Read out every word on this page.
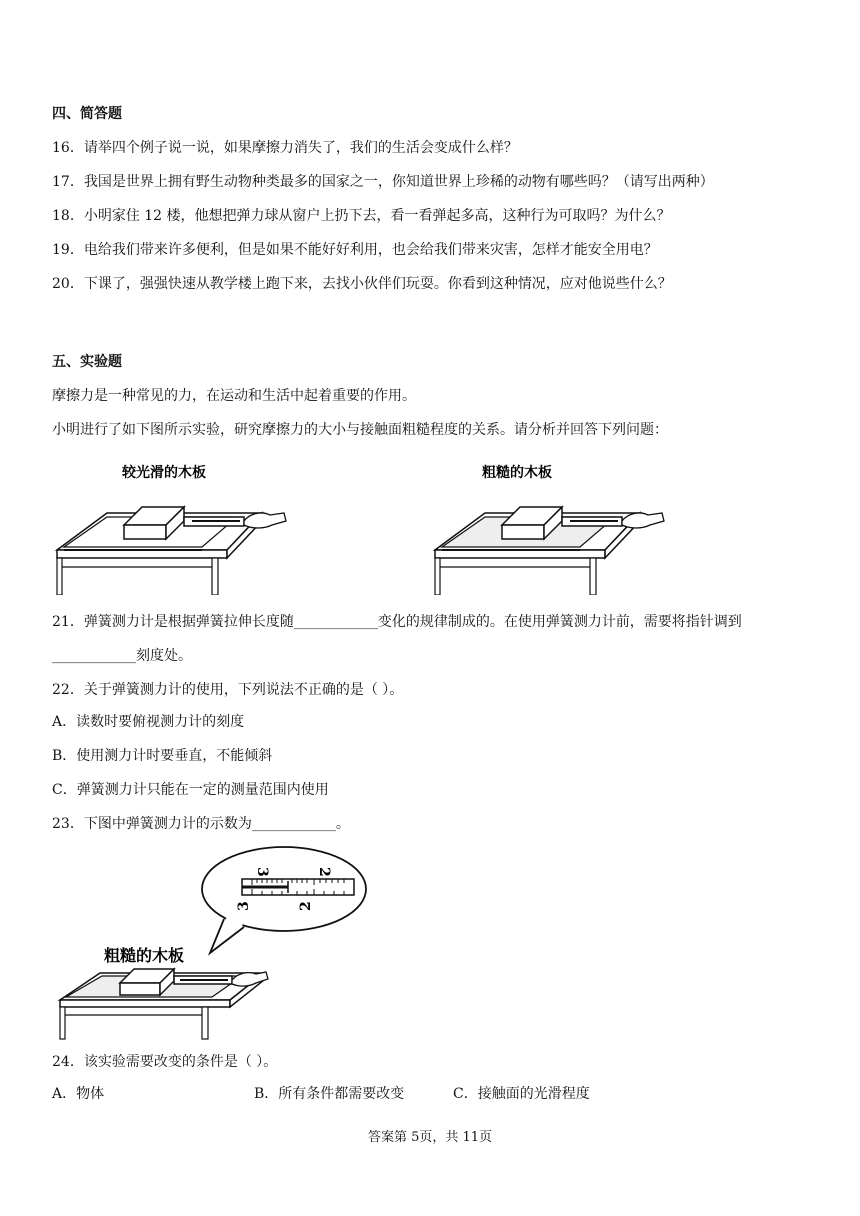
四、简答题
16．请举四个例子说一说，如果摩擦力消失了，我们的生活会变成什么样？
17．我国是世界上拥有野生动物种类最多的国家之一，你知道世界上珍稀的动物有哪些吗？（请写出两种）
18．小明家住 12 楼，他想把弹力球从窗户上扔下去，看一看弹起多高，这种行为可取吗？为什么？
19．电给我们带来许多便利，但是如果不能好好利用，也会给我们带来灾害，怎样才能安全用电？
20．下课了，强强快速从教学楼上跑下来，去找小伙伴们玩耍。你看到这种情况，应对他说些什么？
五、实验题
摩擦力是一种常见的力，在运动和生活中起着重要的作用。
小明进行了如下图所示实验，研究摩擦力的大小与接触面粗糙程度的关系。请分析并回答下列问题：
较光滑的木板	粗糙的木板
21．弹簧测力计是根据弹簧拉伸长度随____________变化的规律制成的。在使用弹簧测力计前，需要将指针调到
____________刻度处。
22．关于弹簧测力计的使用，下列说法不正确的是（ ）。
A．读数时要俯视测力计的刻度
B．使用测力计时要垂直，不能倾斜
C．弹簧测力计只能在一定的测量范围内使用
23．下图中弹簧测力计的示数为____________。
3	2
3	2
粗糙的木板
24．该实验需要改变的条件是（ ）。
A．物体	B．所有条件都需要改变	C．接触面的光滑程度
答案第 5页，共 11页
